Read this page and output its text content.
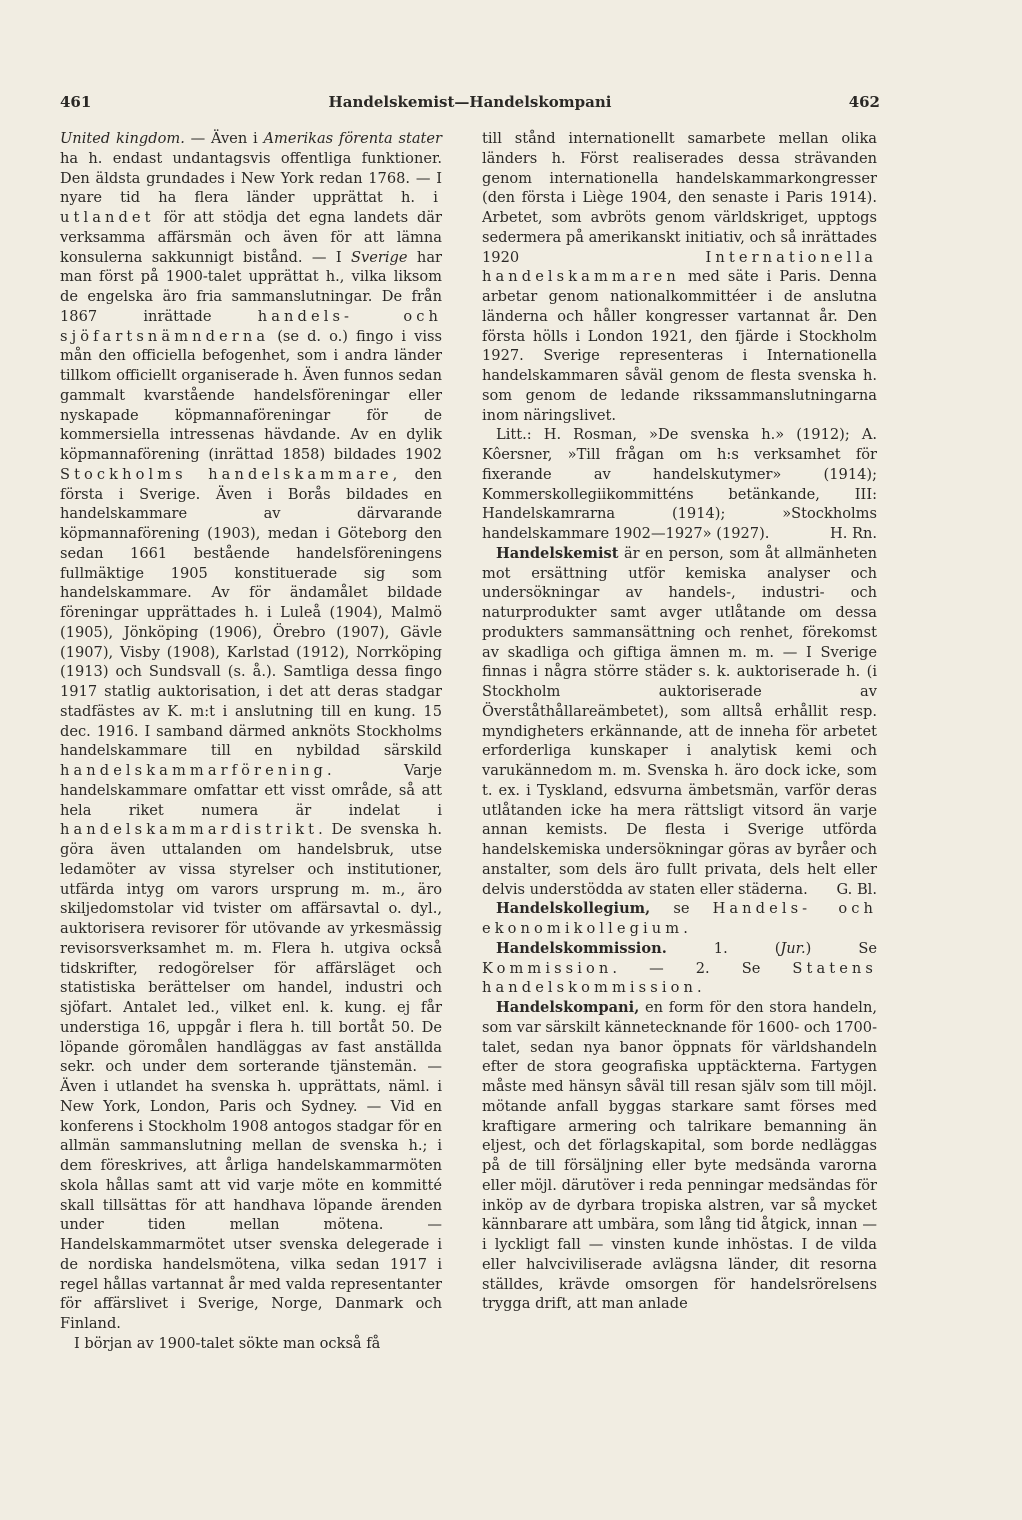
461	Handelskemist—Handelskompani	462

United kingdom. — Även i Amerikas förenta stater ha h. endast undantagsvis offentliga funktioner. Den äldsta grundades i New York redan 1768. — I nyare tid ha flera länder upprättat h. i utlandet för att stödja det egna landets där verksamma affärsmän och även för att lämna konsulerna sakkunnigt bistånd. — I Sverige har man först på 1900-talet upprättat h., vilka liksom de engelska äro fria sammanslutningar. De från 1867 inrättade handels- och sjöfartsnämnderna (se d. o.) fingo i viss mån den officiella befogenhet, som i andra länder tillkom officiellt organiserade h. Även funnos sedan gammalt kvarstående handelsföreningar eller nyskapade köpmannaföreningar för de kommersiella intressenas hävdande. Av en dylik köpmannaförening (inrättad 1858) bildades 1902 Stockholms handelskammare, den första i Sverige. Även i Borås bildades en handelskammare av därvarande köpmannaförening (1903), medan i Göteborg den sedan 1661 bestående handelsföreningens fullmäktige 1905 konstituerade sig som handelskammare. Av för ändamålet bildade föreningar upprättades h. i Luleå (1904), Malmö (1905), Jönköping (1906), Örebro (1907), Gävle (1907), Visby (1908), Karlstad (1912), Norrköping (1913) och Sundsvall (s. å.). Samtliga dessa fingo 1917 statlig auktorisation, i det att deras stadgar stadfästes av K. m:t i anslutning till en kung. 15 dec. 1916. I samband därmed anknöts Stockholms handelskammare till en nybildad särskild handelskammarförening. Varje handelskammare omfattar ett visst område, så att hela riket numera är indelat i handelskammardistrikt. De svenska h. göra även uttalanden om handelsbruk, utse ledamöter av vissa styrelser och institutioner, utfärda intyg om varors ursprung m. m., äro skiljedomstolar vid tvister om affärsavtal o. dyl., auktorisera revisorer för utövande av yrkesmässig revisorsverksamhet m. m. Flera h. utgiva också tidskrifter, redogörelser för affärsläget och statistiska berättelser om handel, industri och sjöfart. Antalet led., vilket enl. k. kung. ej får understiga 16, uppgår i flera h. till bortåt 50. De löpande göromålen handläggas av fast anställda sekr. och under dem sorterande tjänstemän. — Även i utlandet ha svenska h. upprättats, näml. i New York, London, Paris och Sydney. — Vid en konferens i Stockholm 1908 antogos stadgar för en allmän sammanslutning mellan de svenska h.; i dem föreskrives, att årliga handelskammarmöten skola hållas samt att vid varje möte en kommitté skall tillsättas för att handhava löpande ärenden under tiden mellan mötena. — Handelskammarmötet utser svenska delegerade i de nordiska handelsmötena, vilka sedan 1917 i regel hållas vartannat år med valda representanter för affärslivet i Sverige, Norge, Danmark och Finland.

I början av 1900-talet sökte man också få

till stånd internationellt samarbete mellan olika länders h. Först realiserades dessa strävanden genom internationella handelskammarkongresser (den första i Liège 1904, den senaste i Paris 1914). Arbetet, som avbröts genom världskriget, upptogs sedermera på amerikanskt initiativ, och så inrättades 1920 Internationella handelskammaren med säte i Paris. Denna arbetar genom nationalkommittéer i de anslutna länderna och håller kongresser vartannat år. Den första hölls i London 1921, den fjärde i Stockholm 1927. Sverige representeras i Internationella handelskammaren såväl genom de flesta svenska h. som genom de ledande rikssammanslutningarna inom näringslivet.

Litt.: H. Rosman, »De svenska h.» (1912); A. Kôersner, »Till frågan om h:s verksamhet för fixerande av handelskutymer» (1914); Kommerskollegiikommitténs betänkande, III: Handelskamrarna (1914); »Stockholms handelskammare 1902—1927» (1927).	H. Rn.

Handelskemist är en person, som åt allmänheten mot ersättning utför kemiska analyser och undersökningar av handels-, industri- och naturprodukter samt avger utlåtande om dessa produkters sammansättning och renhet, förekomst av skadliga och giftiga ämnen m. m. — I Sverige finnas i några större städer s. k. auktoriserade h. (i Stockholm auktoriserade av Överståthållareämbetet), som alltså erhållit resp. myndigheters erkännande, att de inneha för arbetet erforderliga kunskaper i analytisk kemi och varukännedom m. m. Svenska h. äro dock icke, som t. ex. i Tyskland, edsvurna ämbetsmän, varför deras utlåtanden icke ha mera rättsligt vitsord än varje annan kemists. De flesta i Sverige utförda handelskemiska undersökningar göras av byråer och anstalter, som dels äro fullt privata, dels helt eller delvis understödda av staten eller städerna.	G. Bl.

Handelskollegium, se Handels- och ekonomikollegium.

Handelskommission. 1. (Jur.) Se Kommission. — 2. Se Statens handelskommission.

Handelskompani, en form för den stora handeln, som var särskilt kännetecknande för 1600- och 1700-talet, sedan nya banor öppnats för världshandeln efter de stora geografiska upptäckterna. Fartygen måste med hänsyn såväl till resan själv som till möjl. mötande anfall byggas starkare samt förses med kraftigare armering och talrikare bemanning än eljest, och det förlagskapital, som borde nedläggas på de till försäljning eller byte medsända varorna eller möjl. därutöver i reda penningar medsändas för inköp av de dyrbara tropiska alstren, var så mycket kännbarare att umbära, som lång tid åtgick, innan — i lyckligt fall — vinsten kunde inhöstas. I de vilda eller halvciviliserade avlägsna länder, dit resorna ställdes, krävde omsorgen för handelsrörelsens trygga drift, att man anlade
